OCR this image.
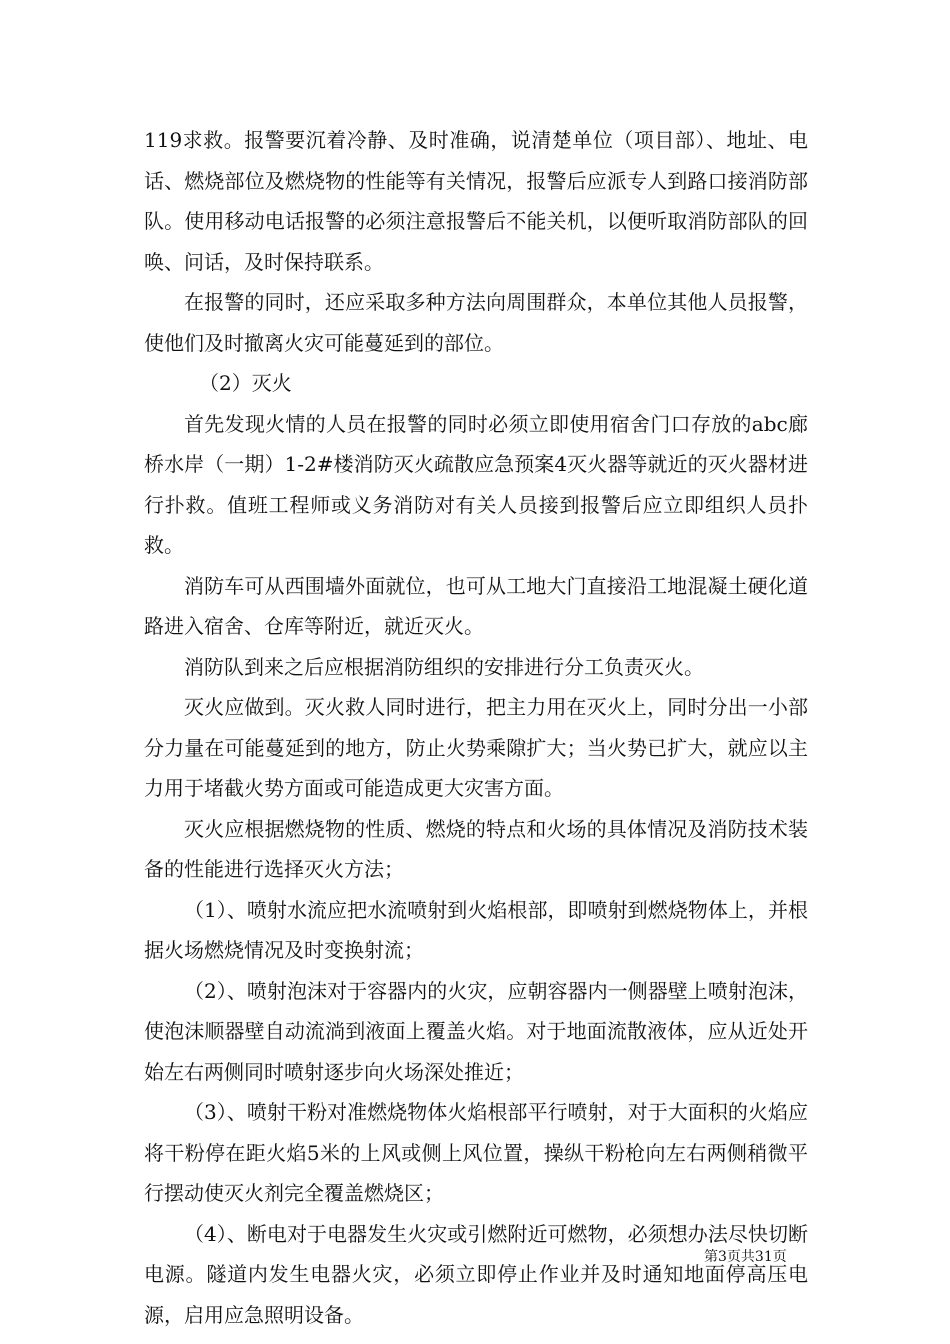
119求救。报警要沉着冷静、及时准确，说清楚单位（项目部）、地址、电话、燃烧部位及燃烧物的性能等有关情况，报警后应派专人到路口接消防部队。使用移动电话报警的必须注意报警后不能关机，以便听取消防部队的回唤、问话，及时保持联系。

在报警的同时，还应采取多种方法向周围群众，本单位其他人员报警，使他们及时撤离火灾可能蔓延到的部位。

（2）灭火

首先发现火情的人员在报警的同时必须立即使用宿舍门口存放的abc廊桥水岸（一期）1-2#楼消防灭火疏散应急预案4灭火器等就近的灭火器材进行扑救。值班工程师或义务消防对有关人员接到报警后应立即组织人员扑救。

消防车可从西围墙外面就位，也可从工地大门直接沿工地混凝土硬化道路进入宿舍、仓库等附近，就近灭火。

消防队到来之后应根据消防组织的安排进行分工负责灭火。

灭火应做到。灭火救人同时进行，把主力用在灭火上，同时分出一小部分力量在可能蔓延到的地方，防止火势乘隙扩大；当火势已扩大，就应以主力用于堵截火势方面或可能造成更大灾害方面。

灭火应根据燃烧物的性质、燃烧的特点和火场的具体情况及消防技术装备的性能进行选择灭火方法；

（1）、喷射水流应把水流喷射到火焰根部，即喷射到燃烧物体上，并根据火场燃烧情况及时变换射流；

（2）、喷射泡沫对于容器内的火灾，应朝容器内一侧器壁上喷射泡沫，使泡沫顺器壁自动流淌到液面上覆盖火焰。对于地面流散液体，应从近处开始左右两侧同时喷射逐步向火场深处推近；

（3）、喷射干粉对准燃烧物体火焰根部平行喷射，对于大面积的火焰应将干粉停在距火焰5米的上风或侧上风位置，操纵干粉枪向左右两侧稍微平行摆动使灭火剂完全覆盖燃烧区；

（4）、断电对于电器发生火灾或引燃附近可燃物，必须想办法尽快切断电源。隧道内发生电器火灾，必须立即停止作业并及时通知地面停高压电源，启用应急照明设备。

第3页共31页
